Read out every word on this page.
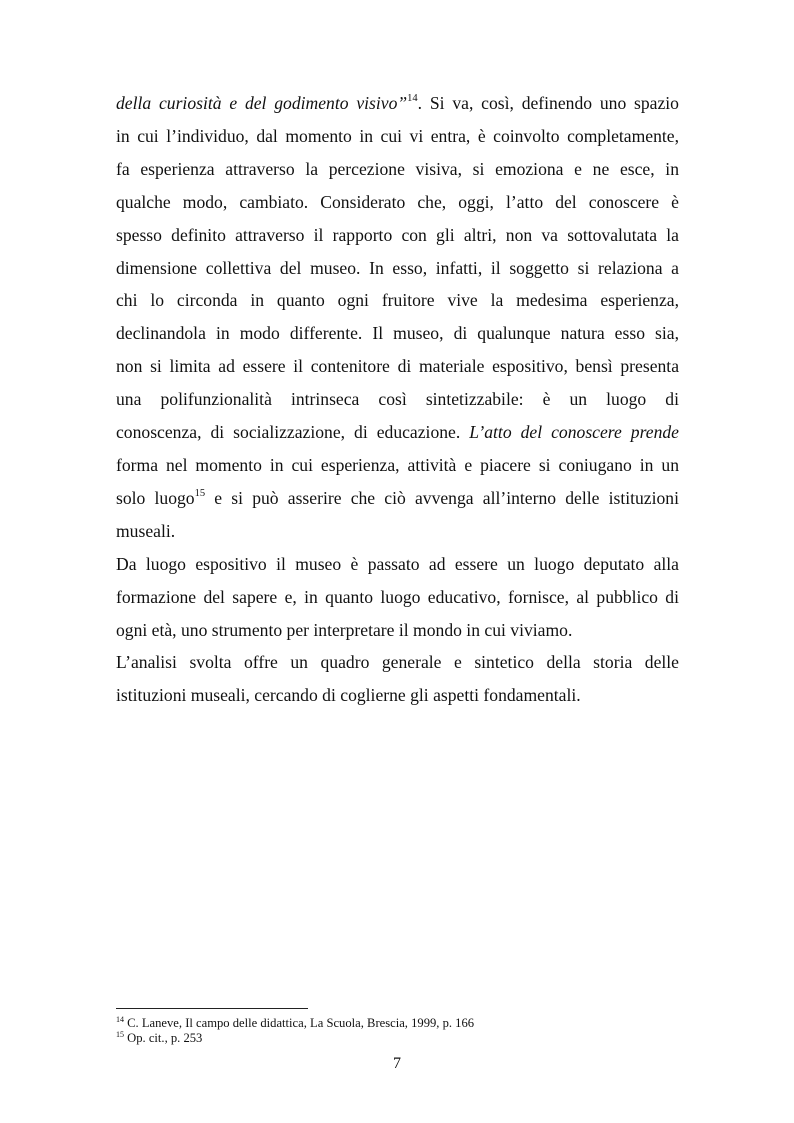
della curiosità e del godimento visivo”$^{14}$. Si va, così, definendo uno spazio
in cui l’individuo, dal momento in cui vi entra, è coinvolto completamente,
fa esperienza attraverso la percezione visiva, si emoziona e ne esce, in
qualche modo, cambiato. Considerato che, oggi, l’atto del conoscere è
spesso definito attraverso il rapporto con gli altri, non va sottovalutata la
dimensione collettiva del museo. In esso, infatti, il soggetto si relaziona a
chi lo circonda in quanto ogni fruitore vive la medesima esperienza,
declinandola in modo differente. Il museo, di qualunque natura esso sia,
non si limita ad essere il contenitore di materiale espositivo, bensì presenta
una polifunzionalità intrinseca così sintetizzabile: è un luogo di
conoscenza, di socializzazione, di educazione. L’atto del conoscere prende
forma nel momento in cui esperienza, attività e piacere si coniugano in un
solo luogo$^{15}$ e si può asserire che ciò avvenga all’interno delle istituzioni
museali.
Da luogo espositivo il museo è passato ad essere un luogo deputato alla
formazione del sapere e, in quanto luogo educativo, fornisce, al pubblico di
ogni età, uno strumento per interpretare il mondo in cui viviamo.
L’analisi svolta offre un quadro generale e sintetico della storia delle
istituzioni museali, cercando di coglierne gli aspetti fondamentali.

$^{14}$ C. Laneve, Il campo delle didattica, La Scuola, Brescia, 1999, p. 166

$^{15}$ Op. cit., p. 253

7
